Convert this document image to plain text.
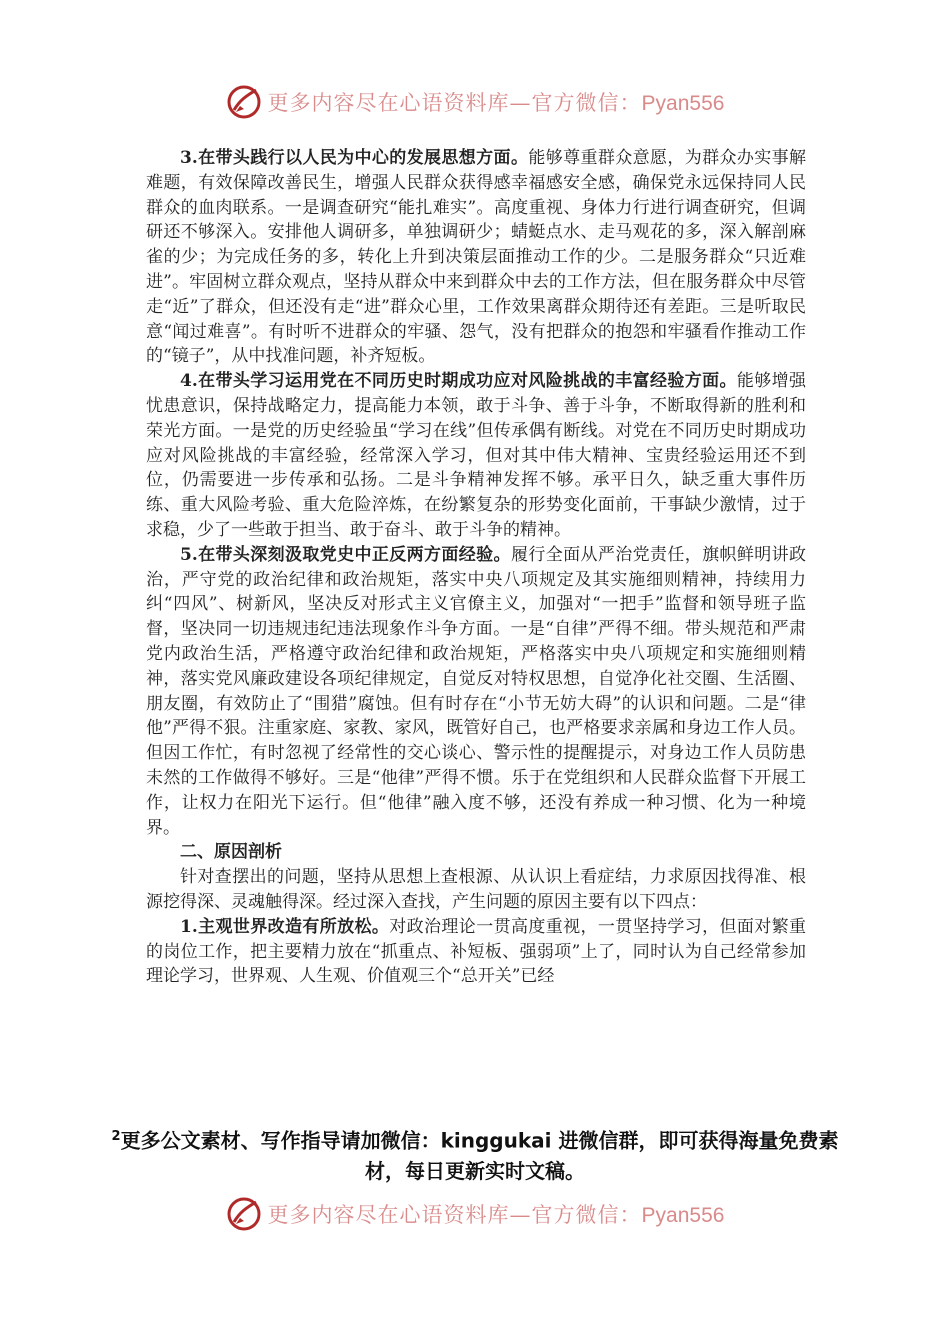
更多内容尽在心语资料库—官方微信：Pyan556

3.在带头践行以人民为中心的发展思想方面。能够尊重群众意愿，为群众办实事解难题，有效保障改善民生，增强人民群众获得感幸福感安全感，确保党永远保持同人民群众的血肉联系。一是调查研究“能扎难实”。高度重视、身体力行进行调查研究，但调研还不够深入。安排他人调研多，单独调研少；蜻蜓点水、走马观花的多，深入解剖麻雀的少；为完成任务的多，转化上升到决策层面推动工作的少。二是服务群众“只近难进”。牢固树立群众观点，坚持从群众中来到群众中去的工作方法，但在服务群众中尽管走“近”了群众，但还没有走“进”群众心里，工作效果离群众期待还有差距。三是听取民意“闻过难喜”。有时听不进群众的牢骚、怨气，没有把群众的抱怨和牢骚看作推动工作的“镜子”，从中找准问题，补齐短板。

4.在带头学习运用党在不同历史时期成功应对风险挑战的丰富经验方面。能够增强忧患意识，保持战略定力，提高能力本领，敢于斗争、善于斗争，不断取得新的胜利和荣光方面。一是党的历史经验虽“学习在线”但传承偶有断线。对党在不同历史时期成功应对风险挑战的丰富经验，经常深入学习，但对其中伟大精神、宝贵经验运用还不到位，仍需要进一步传承和弘扬。二是斗争精神发挥不够。承平日久，缺乏重大事件历练、重大风险考验、重大危险淬炼，在纷繁复杂的形势变化面前，干事缺少激情，过于求稳，少了一些敢于担当、敢于奋斗、敢于斗争的精神。

5.在带头深刻汲取党史中正反两方面经验。履行全面从严治党责任，旗帜鲜明讲政治，严守党的政治纪律和政治规矩，落实中央八项规定及其实施细则精神，持续用力纠“四风”、树新风，坚决反对形式主义官僚主义，加强对“一把手”监督和领导班子监督，坚决同一切违规违纪违法现象作斗争方面。一是“自律”严得不细。带头规范和严肃党内政治生活，严格遵守政治纪律和政治规矩，严格落实中央八项规定和实施细则精神，落实党风廉政建设各项纪律规定，自觉反对特权思想，自觉净化社交圈、生活圈、朋友圈，有效防止了“围猎”腐蚀。但有时存在“小节无妨大碍”的认识和问题。二是“律他”严得不狠。注重家庭、家教、家风，既管好自己，也严格要求亲属和身边工作人员。但因工作忙，有时忽视了经常性的交心谈心、警示性的提醒提示，对身边工作人员防患未然的工作做得不够好。三是“他律”严得不惯。乐于在党组织和人民群众监督下开展工作，让权力在阳光下运行。但“他律”融入度不够，还没有养成一种习惯、化为一种境界。

二、原因剖析

针对查摆出的问题，坚持从思想上查根源、从认识上看症结，力求原因找得准、根源挖得深、灵魂触得深。经过深入查找，产生问题的原因主要有以下四点：

1.主观世界改造有所放松。对政治理论一贯高度重视，一贯坚持学习，但面对繁重的岗位工作，把主要精力放在“抓重点、补短板、强弱项”上了，同时认为自己经常参加理论学习，世界观、人生观、价值观三个“总开关”已经

$^2$更多公文素材、写作指导请加微信：kinggukai 进微信群，即可获得海量免费素材，每日更新实时文稿。
更多内容尽在心语资料库—官方微信：Pyan556
